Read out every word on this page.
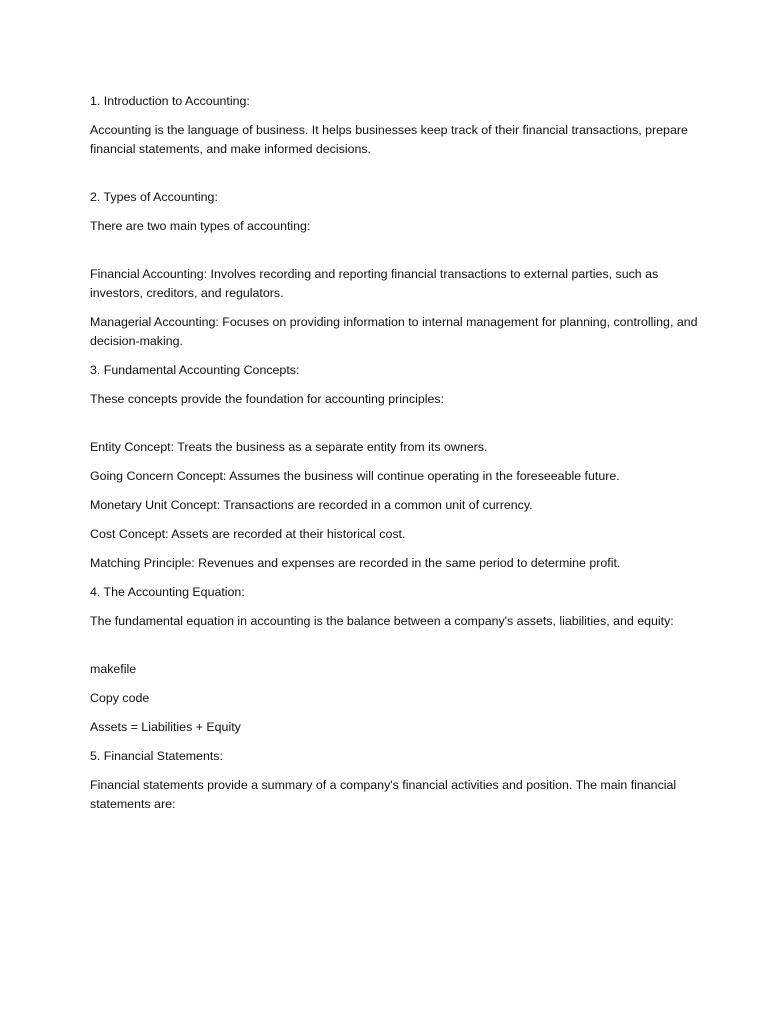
1. Introduction to Accounting:

Accounting is the language of business. It helps businesses keep track of their financial transactions, prepare financial statements, and make informed decisions.

2. Types of Accounting:

There are two main types of accounting:

Financial Accounting: Involves recording and reporting financial transactions to external parties, such as investors, creditors, and regulators.

Managerial Accounting: Focuses on providing information to internal management for planning, controlling, and decision-making.

3. Fundamental Accounting Concepts:

These concepts provide the foundation for accounting principles:

Entity Concept: Treats the business as a separate entity from its owners.

Going Concern Concept: Assumes the business will continue operating in the foreseeable future.

Monetary Unit Concept: Transactions are recorded in a common unit of currency.

Cost Concept: Assets are recorded at their historical cost.

Matching Principle: Revenues and expenses are recorded in the same period to determine profit.

4. The Accounting Equation:

The fundamental equation in accounting is the balance between a company's assets, liabilities, and equity:

makefile

Copy code

Assets = Liabilities + Equity

5. Financial Statements:

Financial statements provide a summary of a company's financial activities and position. The main financial statements are:
